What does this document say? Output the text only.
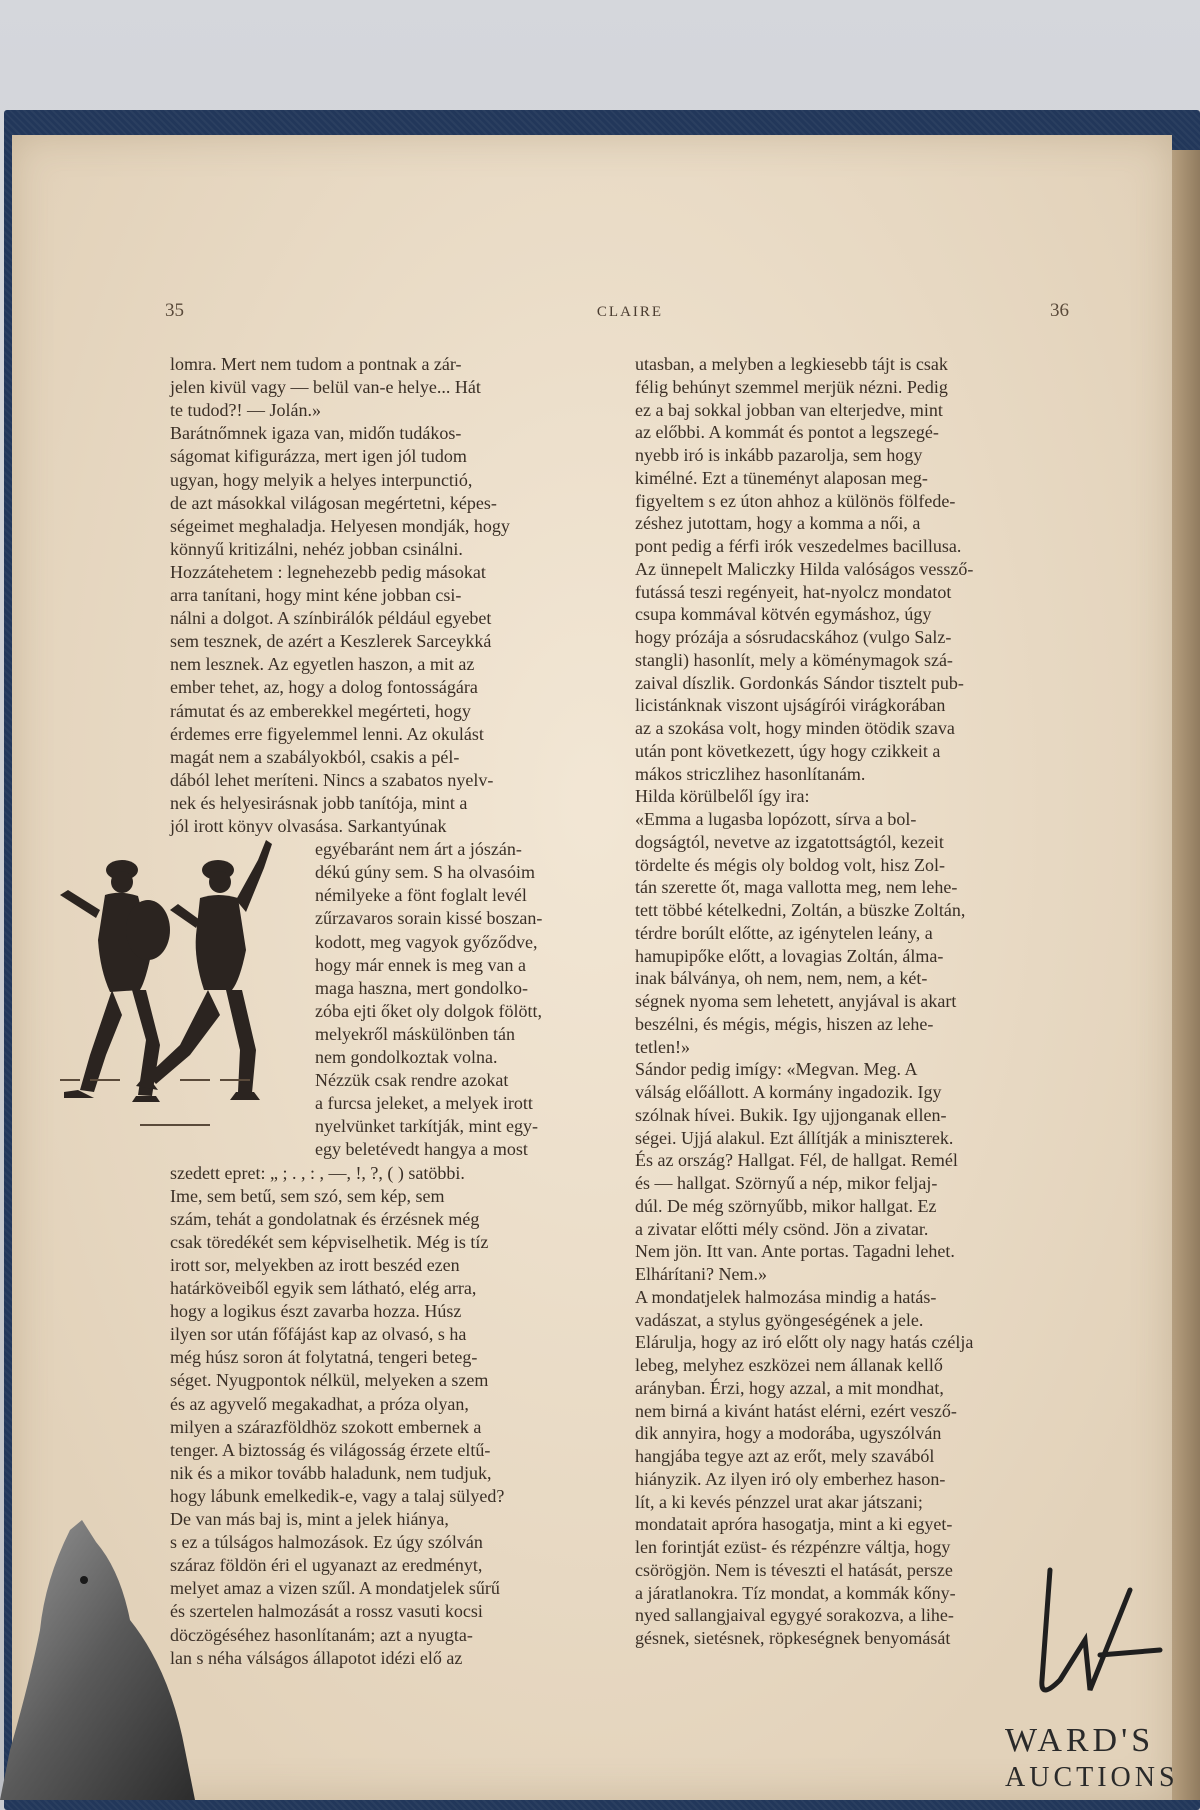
35	CLAIRE	36
lomra. Mert nem tudom a pontnak a zár-
jelen kivül vagy — belül van-e helye... Hát
te tudod?! — Jolán.»
Barátnőmnek igaza van, midőn tudákos-
ságomat kifigurázza, mert igen jól tudom
ugyan, hogy melyik a helyes interpunctió,
de azt másokkal világosan megértetni, képes-
ségeimet meghaladja. Helyesen mondják, hogy
könnyű kritizálni, nehéz jobban csinálni.
Hozzátehetem : legnehezebb pedig másokat
arra tanítani, hogy mint kéne jobban csi-
nálni a dolgot. A színbirálók például egyebet
sem tesznek, de azért a Keszlerek Sarceykká
nem lesznek. Az egyetlen haszon, a mit az
ember tehet, az, hogy a dolog fontosságára
rámutat és az emberekkel megérteti, hogy
érdemes erre figyelemmel lenni. Az okulást
magát nem a szabályokból, csakis a pél-
dából lehet meríteni. Nincs a szabatos nyelv-
nek és helyesirásnak jobb tanítója, mint a
jól irott könyv olvasása. Sarkantyúnak
egyébaránt nem árt a jószán-
dékú gúny sem. S ha olvasóim
némilyeke a fönt foglalt levél
zűrzavaros sorain kissé boszan-
kodott, meg vagyok győződve,
hogy már ennek is meg van a
maga haszna, mert gondolko-
zóba ejti őket oly dolgok fölött,
melyekről máskülönben tán
nem gondolkoztak volna.
Nézzük csak rendre azokat
a furcsa jeleket, a melyek irott
nyelvünket tarkítják, mint egy-
egy beletévedt hangya a most
szedett epret: „ ; . , : , —, !, ?, ( ) satöbbi.
Ime, sem betű, sem szó, sem kép, sem
szám, tehát a gondolatnak és érzésnek még
csak töredékét sem képviselhetik. Még is tíz
irott sor, melyekben az irott beszéd ezen
határköveiből egyik sem látható, elég arra,
hogy a logikus észt zavarba hozza. Húsz
ilyen sor után főfájást kap az olvasó, s ha
még húsz soron át folytatná, tengeri beteg-
séget. Nyugpontok nélkül, melyeken a szem
és az agyvelő megakadhat, a próza olyan,
milyen a szárazföldhöz szokott embernek a
tenger. A biztosság és világosság érzete eltű-
nik és a mikor tovább haladunk, nem tudjuk,
hogy lábunk emelkedik-e, vagy a talaj sülyed?
De van más baj is, mint a jelek hiánya,
s ez a túlságos halmozások. Ez úgy szólván
száraz földön éri el ugyanazt az eredményt,
melyet amaz a vizen szűl. A mondatjelek sűrű
és szertelen halmozását a rossz vasuti kocsi
döczögéséhez hasonlítanám; azt a nyugta-
lan s néha válságos állapotot idézi elő az
utasban, a melyben a legkiesebb tájt is csak
félig behúnyt szemmel merjük nézni. Pedig
ez a baj sokkal jobban van elterjedve, mint
az előbbi. A kommát és pontot a legszegé-
nyebb iró is inkább pazarolja, sem hogy
kimélné. Ezt a tüneményt alaposan meg-
figyeltem s ez úton ahhoz a különös fölfede-
zéshez jutottam, hogy a komma a női, a
pont pedig a férfi irók veszedelmes bacillusa.
Az ünnepelt Maliczky Hilda valóságos vessző-
futássá teszi regényeit, hat-nyolcz mondatot
csupa kommával kötvén egymáshoz, úgy
hogy prózája a sósrudacskához (vulgo Salz-
stangli) hasonlít, mely a köménymagok szá-
zaival díszlik. Gordonkás Sándor tisztelt pub-
licistánknak viszont ujságírói virágkorában
az a szokása volt, hogy minden ötödik szava
után pont következett, úgy hogy czikkeit a
mákos striczlihez hasonlítanám.
Hilda körülbelől így ira:
«Emma a lugasba lopózott, sírva a bol-
dogságtól, nevetve az izgatottságtól, kezeit
tördelte és mégis oly boldog volt, hisz Zol-
tán szerette őt, maga vallotta meg, nem lehe-
tett többé kételkedni, Zoltán, a büszke Zoltán,
térdre borúlt előtte, az igénytelen leány, a
hamupipőke előtt, a lovagias Zoltán, álma-
inak bálványa, oh nem, nem, nem, a két-
ségnek nyoma sem lehetett, anyjával is akart
beszélni, és mégis, mégis, hiszen az lehe-
tetlen!»
Sándor pedig imígy: «Megvan. Meg. A
válság előállott. A kormány ingadozik. Igy
szólnak hívei. Bukik. Igy ujjonganak ellen-
ségei. Ujjá alakul. Ezt állítják a miniszterek.
És az ország? Hallgat. Fél, de hallgat. Remél
és — hallgat. Szörnyű a nép, mikor feljaj-
dúl. De még szörnyűbb, mikor hallgat. Ez
a zivatar előtti mély csönd. Jön a zivatar.
Nem jön. Itt van. Ante portas. Tagadni lehet.
Elhárítani? Nem.»
A mondatjelek halmozása mindig a hatás-
vadászat, a stylus gyöngeségének a jele.
Elárulja, hogy az iró előtt oly nagy hatás czélja
lebeg, melyhez eszközei nem állanak kellő
arányban. Érzi, hogy azzal, a mit mondhat,
nem birná a kivánt hatást elérni, ezért vesző-
dik annyira, hogy a modorába, ugyszólván
hangjába tegye azt az erőt, mely szavából
hiányzik. Az ilyen iró oly emberhez hason-
lít, a ki kevés pénzzel urat akar játszani;
mondatait apróra hasogatja, mint a ki egyet-
len forintját ezüst- és rézpénzre váltja, hogy
csörögjön. Nem is téveszti el hatását, persze
a járatlanokra. Tíz mondat, a kommák kőny-
nyed sallangjaival egygyé sorakozva, a lihe-
gésnek, sietésnek, röpkeségnek benyomását
WARD'S
AUCTIONS
